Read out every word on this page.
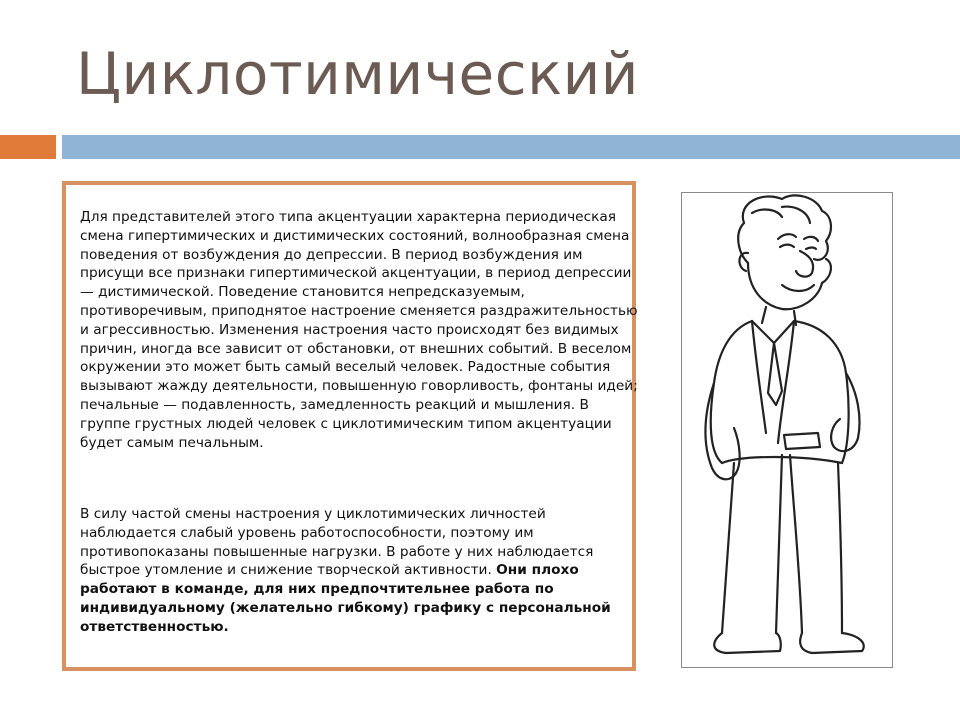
Циклотимический

Для представителей этого типа акцентуации характерна периодическая смена гипертимических и дистимических состояний, волнообразная смена поведения от возбуждения до депрессии. В период возбуждения им присущи все признаки гипертимической акцентуации, в период депрессии — дистимической. Поведение становится непредсказуемым, противоречивым, приподнятое настроение сменяется раздражительностью и агрессивностью. Изменения настроения часто происходят без видимых причин, иногда все зависит от обстановки, от внешних событий. В веселом окружении это может быть самый веселый человек. Радостные события вызывают жажду деятельности, повышенную говорливость, фонтаны идей; печальные — подавленность, замедленность реакций и мышления. В группе грустных людей человек с циклотимическим типом акцентуации будет самым печальным.

В силу частой смены настроения у циклотимических личностей наблюдается слабый уровень работоспособности, поэтому им противопоказаны повышенные нагрузки. В работе у них наблюдается быстрое утомление и снижение творческой активности. Они плохо работают в команде, для них предпочтительнее работа по индивидуальному (желательно гибкому) графику с персональной ответственностью.
